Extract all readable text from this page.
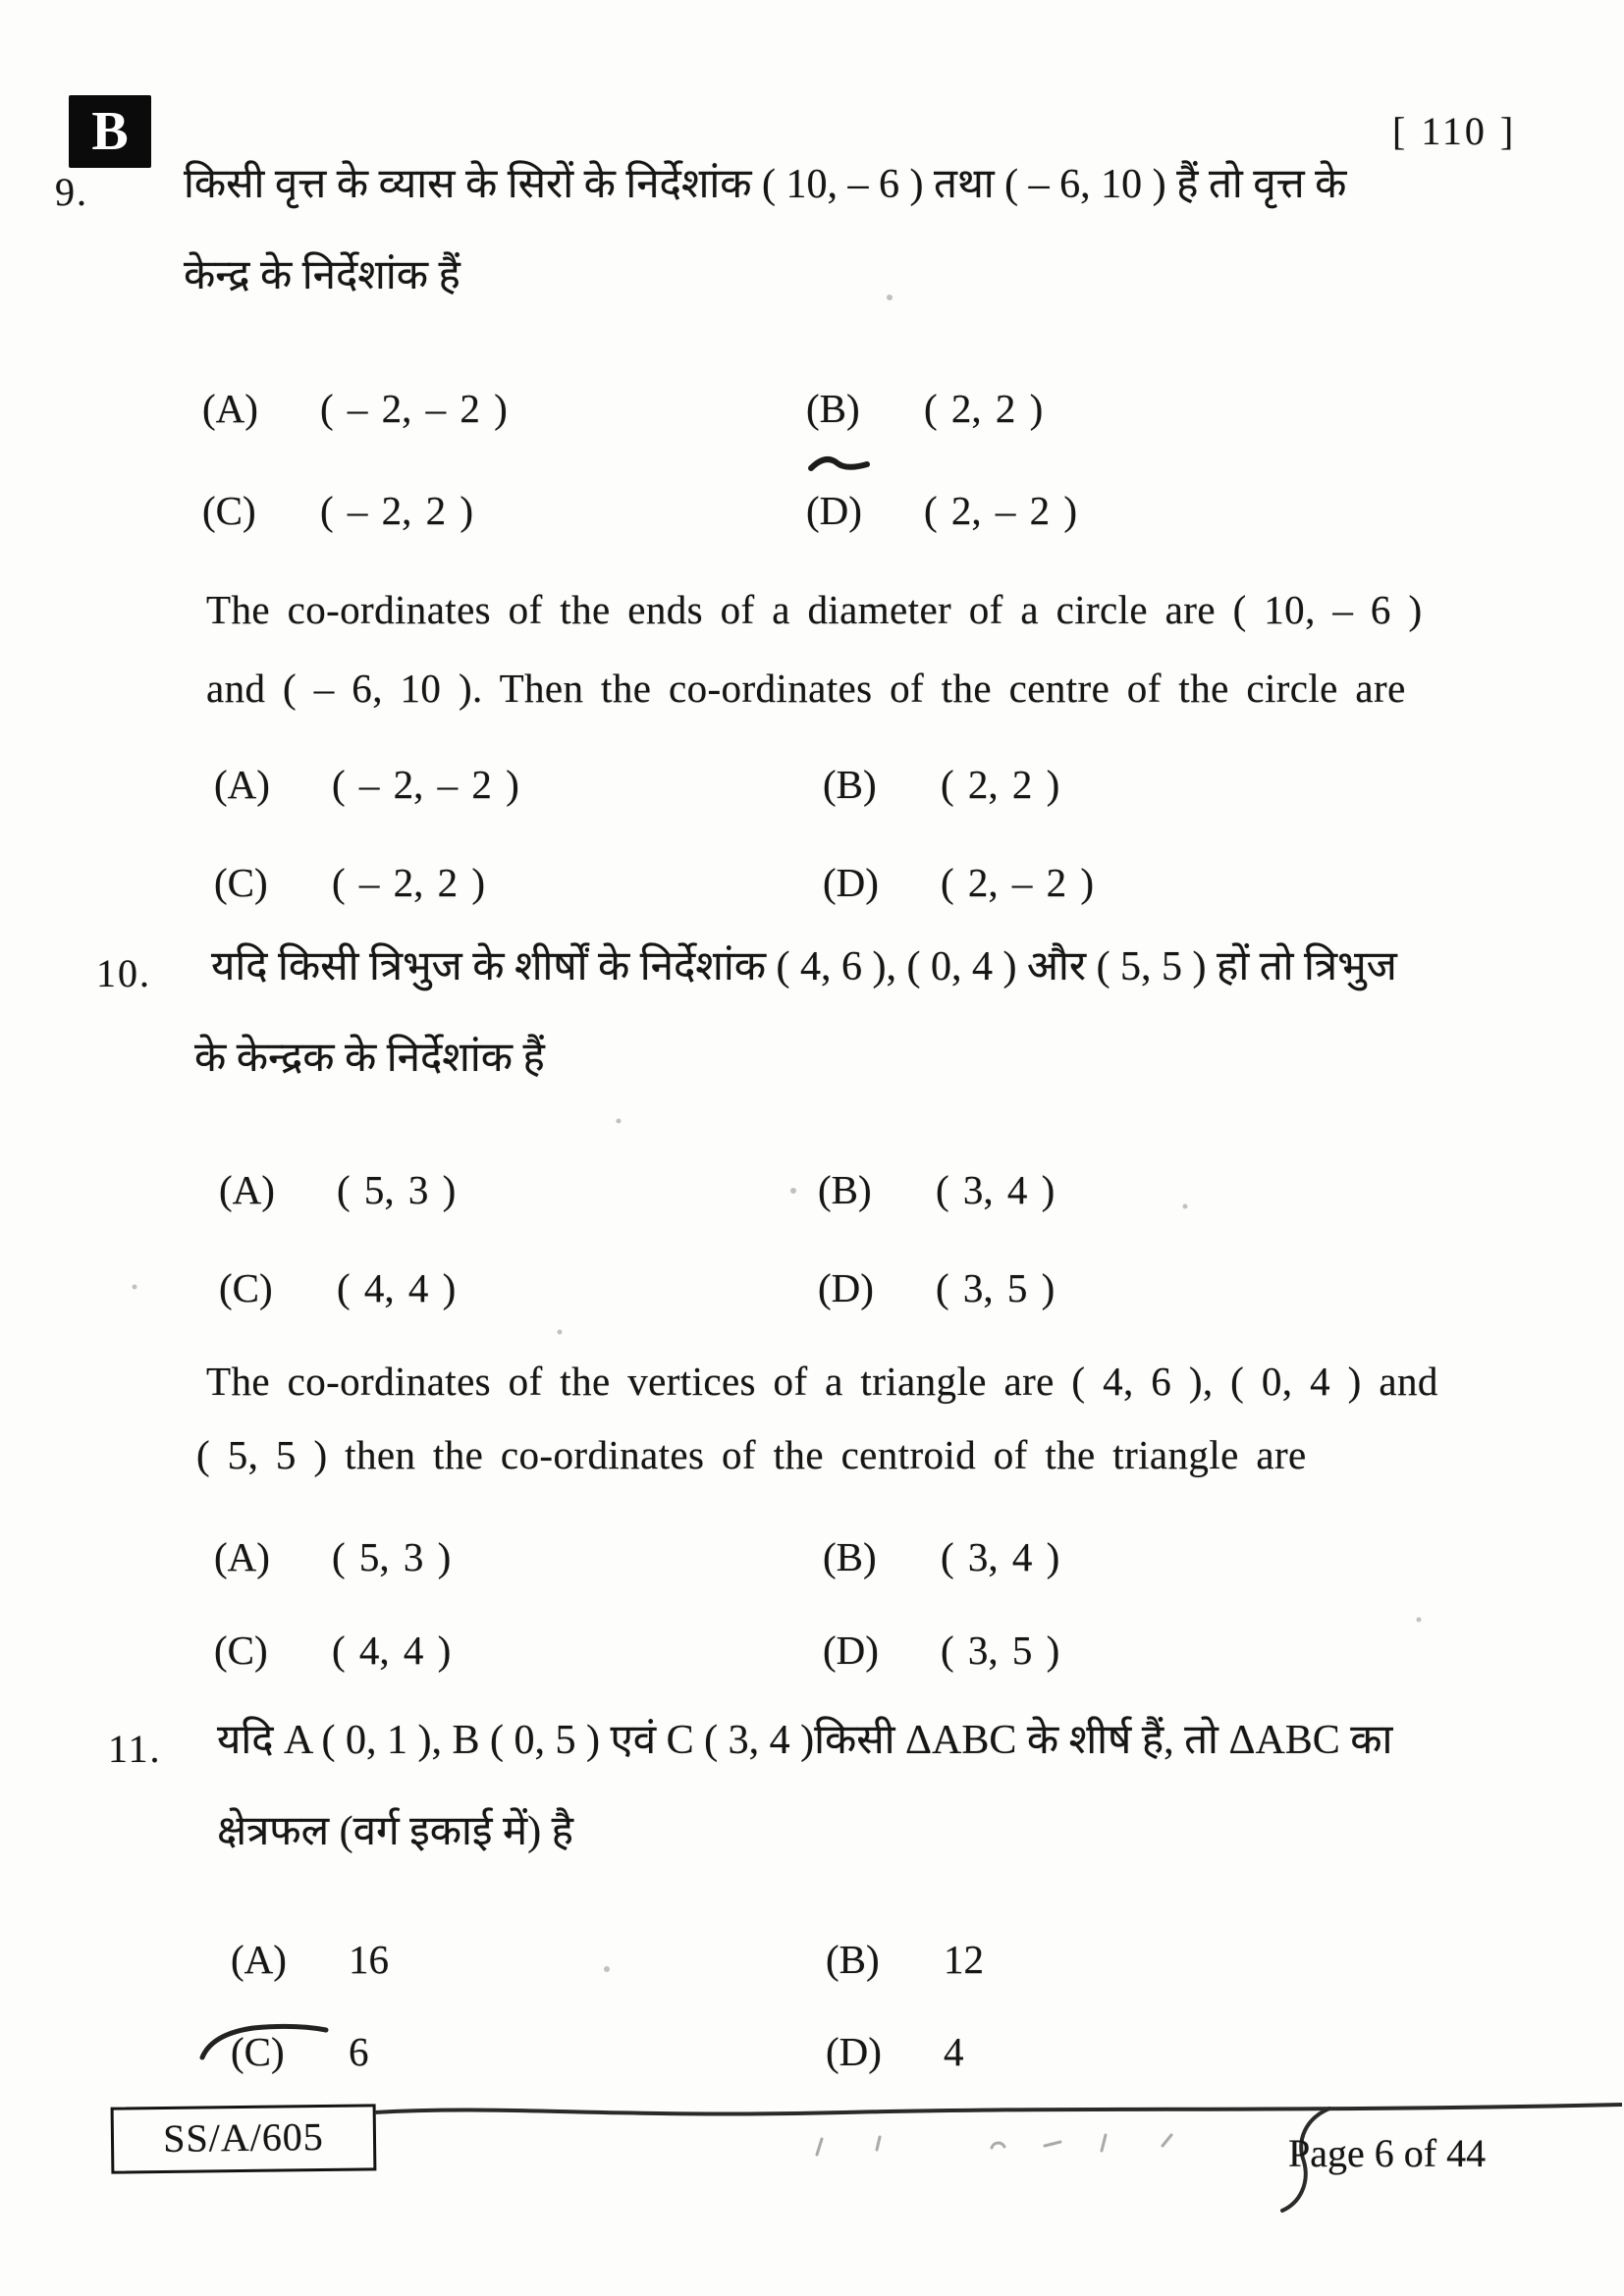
B	[ 110 ]
9. किसी वृत्त के व्यास के सिरों के निर्देशांक ( 10, – 6 ) तथा ( – 6, 10 ) हैं तो वृत्त के
केन्द्र के निर्देशांक हैं
(A) ( – 2, – 2 )	(B) ( 2, 2 )
(C) ( – 2, 2 )	(D) ( 2, – 2 )
The co-ordinates of the ends of a diameter of a circle are ( 10, – 6 )
and ( – 6, 10 ). Then the co-ordinates of the centre of the circle are
(A) ( – 2, – 2 )	(B) ( 2, 2 )
(C) ( – 2, 2 )	(D) ( 2, – 2 )
10. यदि किसी त्रिभुज के शीर्षों के निर्देशांक ( 4, 6 ), ( 0, 4 ) और ( 5, 5 ) हों तो त्रिभुज
के केन्द्रक के निर्देशांक हैं
(A) ( 5, 3 )	(B) ( 3, 4 )
(C) ( 4, 4 )	(D) ( 3, 5 )
The co-ordinates of the vertices of a triangle are ( 4, 6 ), ( 0, 4 ) and
( 5, 5 ) then the co-ordinates of the centroid of the triangle are
(A) ( 5, 3 )	(B) ( 3, 4 )
(C) ( 4, 4 )	(D) ( 3, 5 )
11. यदि A ( 0, 1 ), B ( 0, 5 ) एवं C ( 3, 4 )किसी ΔABC के शीर्ष हैं, तो ΔABC का
क्षेत्रफल (वर्ग इकाई में) है
(A) 16	(B) 12
(C) 6	(D) 4
SS/A/605	Page 6 of 44
